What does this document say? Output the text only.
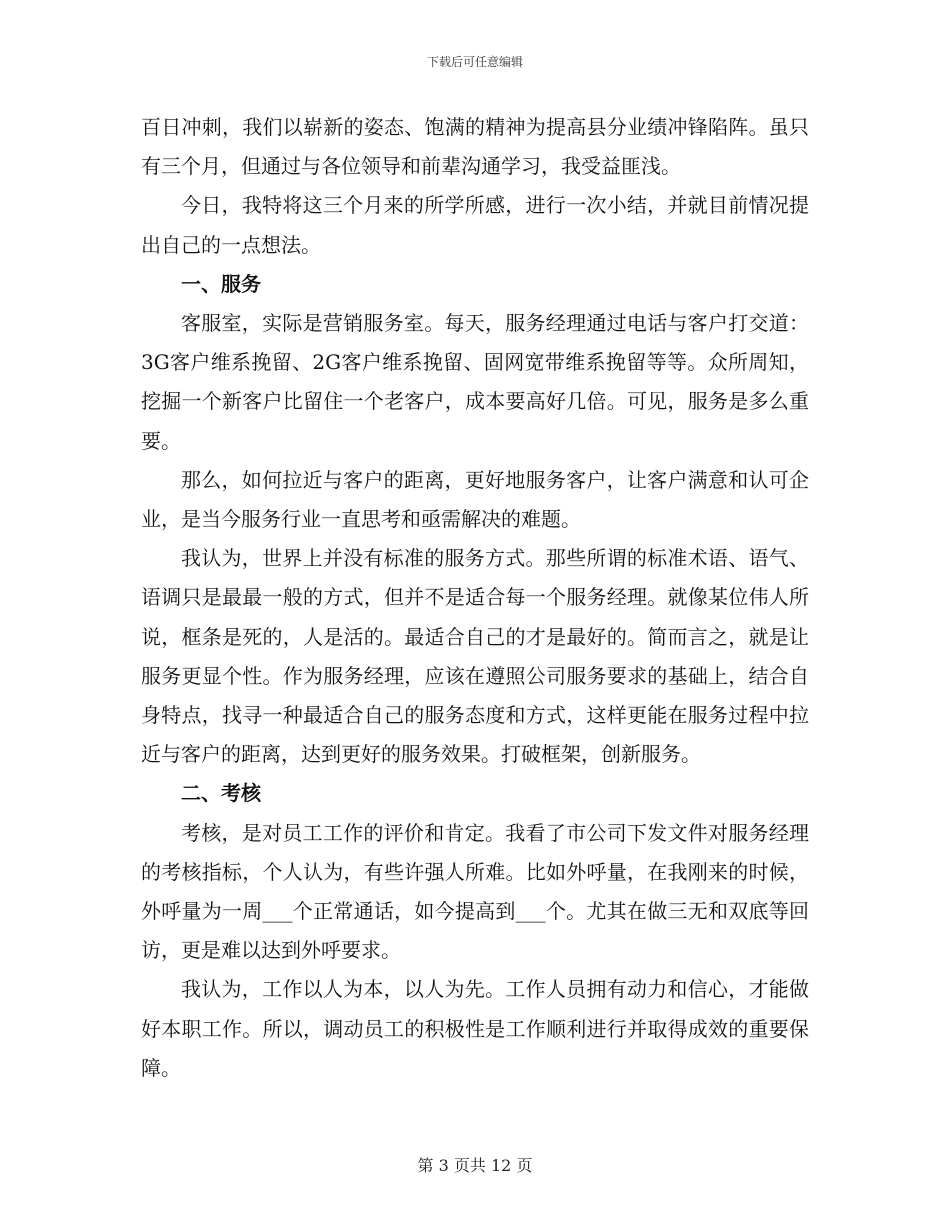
下载后可任意编辑

百日冲刺，我们以崭新的姿态、饱满的精神为提高县分业绩冲锋陷阵。虽只有三个月，但通过与各位领导和前辈沟通学习，我受益匪浅。

今日，我特将这三个月来的所学所感，进行一次小结，并就目前情况提出自己的一点想法。

一、服务

客服室，实际是营销服务室。每天，服务经理通过电话与客户打交道：3G客户维系挽留、2G客户维系挽留、固网宽带维系挽留等等。众所周知，挖掘一个新客户比留住一个老客户，成本要高好几倍。可见，服务是多么重要。

那么，如何拉近与客户的距离，更好地服务客户，让客户满意和认可企业，是当今服务行业一直思考和亟需解决的难题。

我认为，世界上并没有标准的服务方式。那些所谓的标准术语、语气、语调只是最最一般的方式，但并不是适合每一个服务经理。就像某位伟人所说，框条是死的，人是活的。最适合自己的才是最好的。简而言之，就是让服务更显个性。作为服务经理，应该在遵照公司服务要求的基础上，结合自身特点，找寻一种最适合自己的服务态度和方式，这样更能在服务过程中拉近与客户的距离，达到更好的服务效果。打破框架，创新服务。

二、考核

考核，是对员工工作的评价和肯定。我看了市公司下发文件对服务经理的考核指标，个人认为，有些许强人所难。比如外呼量，在我刚来的时候，外呼量为一周___个正常通话，如今提高到___个。尤其在做三无和双底等回访，更是难以达到外呼要求。

我认为，工作以人为本，以人为先。工作人员拥有动力和信心，才能做好本职工作。所以，调动员工的积极性是工作顺利进行并取得成效的重要保障。

第 3 页共 12 页
